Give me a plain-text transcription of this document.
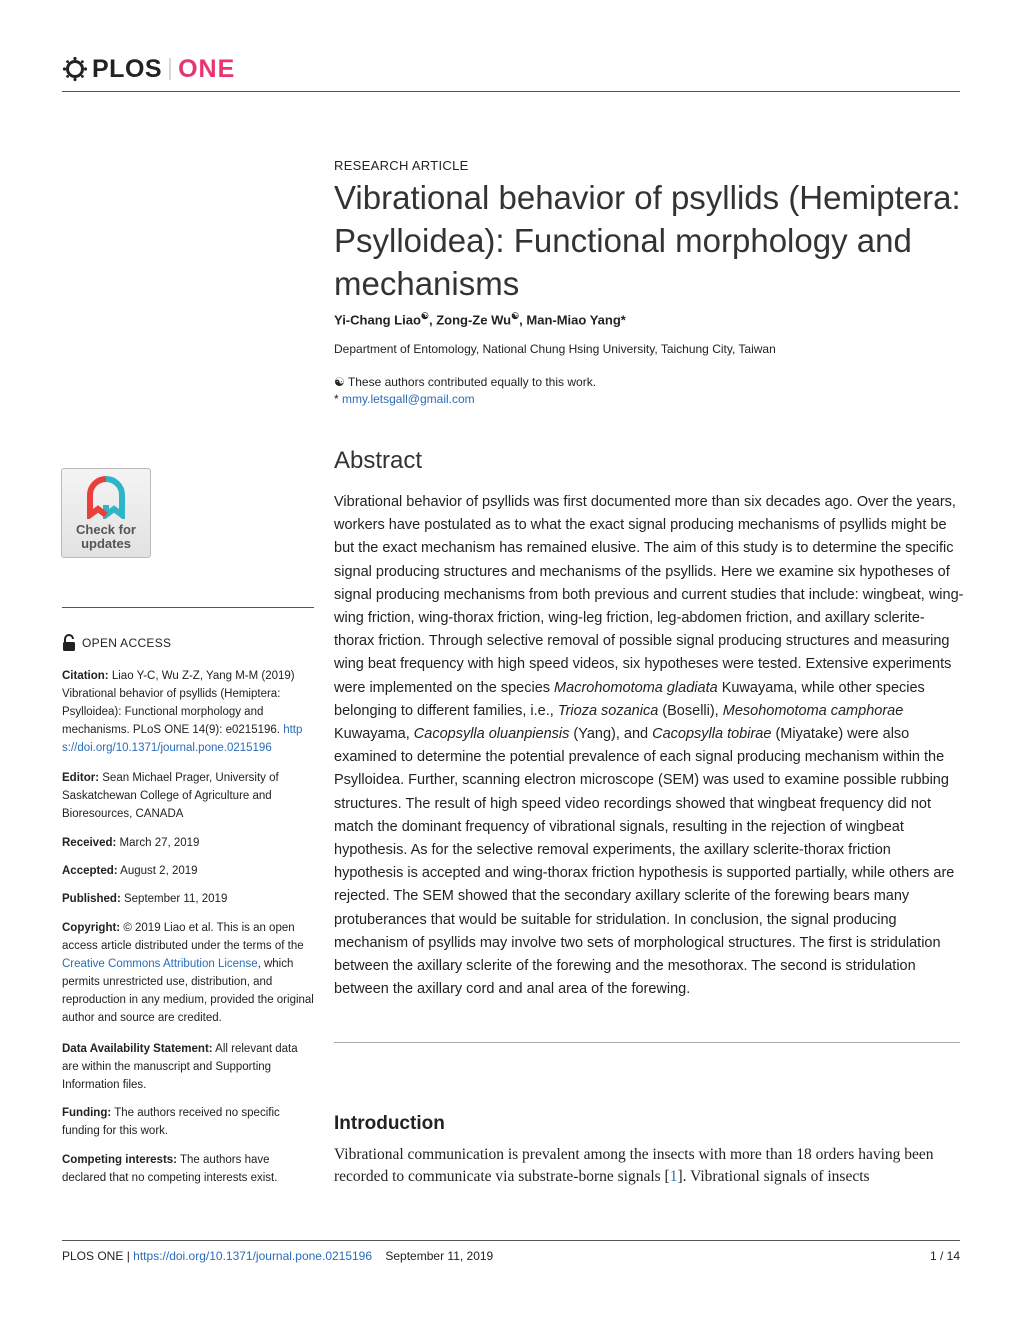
PLOS ONE
RESEARCH ARTICLE
Vibrational behavior of psyllids (Hemiptera: Psylloidea): Functional morphology and mechanisms
Yi-Chang Liao☯, Zong-Ze Wu☯, Man-Miao Yang*
Department of Entomology, National Chung Hsing University, Taichung City, Taiwan
☯ These authors contributed equally to this work.
* mmy.letsgall@gmail.com
Check for updates
OPEN ACCESS
Citation: Liao Y-C, Wu Z-Z, Yang M-M (2019) Vibrational behavior of psyllids (Hemiptera: Psylloidea): Functional morphology and mechanisms. PLoS ONE 14(9): e0215196. https://doi.org/10.1371/journal.pone.0215196
Editor: Sean Michael Prager, University of Saskatchewan College of Agriculture and Bioresources, CANADA
Received: March 27, 2019
Accepted: August 2, 2019
Published: September 11, 2019
Copyright: © 2019 Liao et al. This is an open access article distributed under the terms of the Creative Commons Attribution License, which permits unrestricted use, distribution, and reproduction in any medium, provided the original author and source are credited.
Data Availability Statement: All relevant data are within the manuscript and Supporting Information files.
Funding: The authors received no specific funding for this work.
Competing interests: The authors have declared that no competing interests exist.
Abstract
Vibrational behavior of psyllids was first documented more than six decades ago. Over the years, workers have postulated as to what the exact signal producing mechanisms of psyllids might be but the exact mechanism has remained elusive. The aim of this study is to determine the specific signal producing structures and mechanisms of the psyllids. Here we examine six hypotheses of signal producing mechanisms from both previous and current studies that include: wingbeat, wing-wing friction, wing-thorax friction, wing-leg friction, leg-abdomen friction, and axillary sclerite-thorax friction. Through selective removal of possible signal producing structures and measuring wing beat frequency with high speed videos, six hypotheses were tested. Extensive experiments were implemented on the species Macrohomotoma gladiata Kuwayama, while other species belonging to different families, i.e., Trioza sozanica (Boselli), Mesohomotoma camphorae Kuwayama, Cacopsylla oluanpiensis (Yang), and Cacopsylla tobirae (Miyatake) were also examined to determine the potential prevalence of each signal producing mechanism within the Psylloidea. Further, scanning electron microscope (SEM) was used to examine possible rubbing structures. The result of high speed video recordings showed that wingbeat frequency did not match the dominant frequency of vibrational signals, resulting in the rejection of wingbeat hypothesis. As for the selective removal experiments, the axillary sclerite-thorax friction hypothesis is accepted and wing-thorax friction hypothesis is supported partially, while others are rejected. The SEM showed that the secondary axillary sclerite of the forewing bears many protuberances that would be suitable for stridulation. In conclusion, the signal producing mechanism of psyllids may involve two sets of morphological structures. The first is stridulation between the axillary sclerite of the forewing and the mesothorax. The second is stridulation between the axillary cord and anal area of the forewing.
Introduction
Vibrational communication is prevalent among the insects with more than 18 orders having been recorded to communicate via substrate-borne signals [1]. Vibrational signals of insects
PLOS ONE | https://doi.org/10.1371/journal.pone.0215196 September 11, 2019	1 / 14
